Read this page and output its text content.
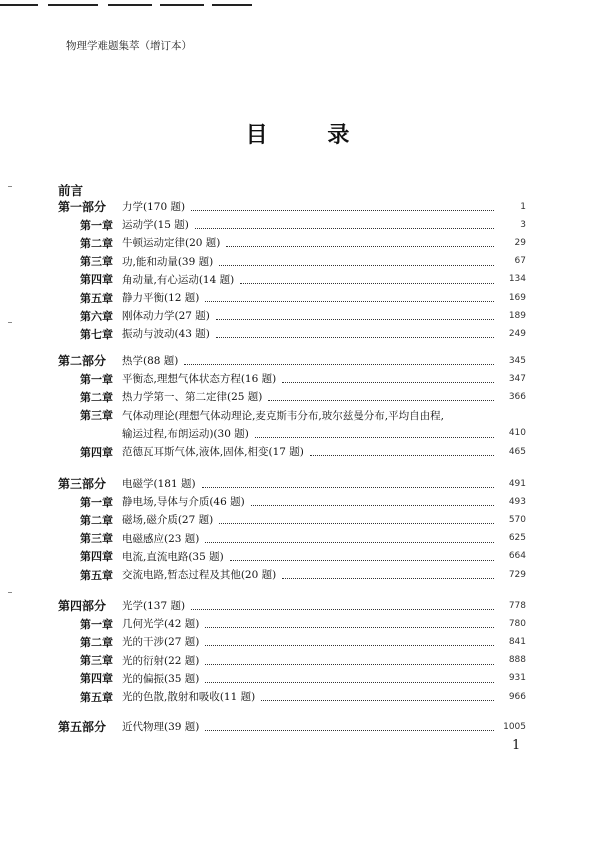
物理学难题集萃（增订本）
目 录
前言
第一部分	力学(170 题)	1
第一章 运动学(15 题)	3
第二章 牛顿运动定律(20 题)	29
第三章 功,能和动量(39 题)	67
第四章 角动量,有心运动(14 题)	134
第五章 静力平衡(12 题)	169
第六章 刚体动力学(27 题)	189
第七章 振动与波动(43 题)	249
第二部分	热学(88 题)	345
第一章 平衡态,理想气体状态方程(16 题)	347
第二章 热力学第一、第二定律(25 题)	366
第三章 气体动理论(理想气体动理论,麦克斯韦分布,玻尔兹曼分布,平均自由程,
输运过程,布朗运动)(30 题)	410
第四章 范德瓦耳斯气体,液体,固体,相变(17 题)	465
第三部分	电磁学(181 题)	491
第一章 静电场,导体与介质(46 题)	493
第二章 磁场,磁介质(27 题)	570
第三章 电磁感应(23 题)	625
第四章 电流,直流电路(35 题)	664
第五章 交流电路,暂态过程及其他(20 题)	729
第四部分	光学(137 题)	778
第一章 几何光学(42 题)	780
第二章 光的干涉(27 题)	841
第三章 光的衍射(22 题)	888
第四章 光的偏振(35 题)	931
第五章 光的色散,散射和吸收(11 题)	966
第五部分	近代物理(39 题)	1005
1
